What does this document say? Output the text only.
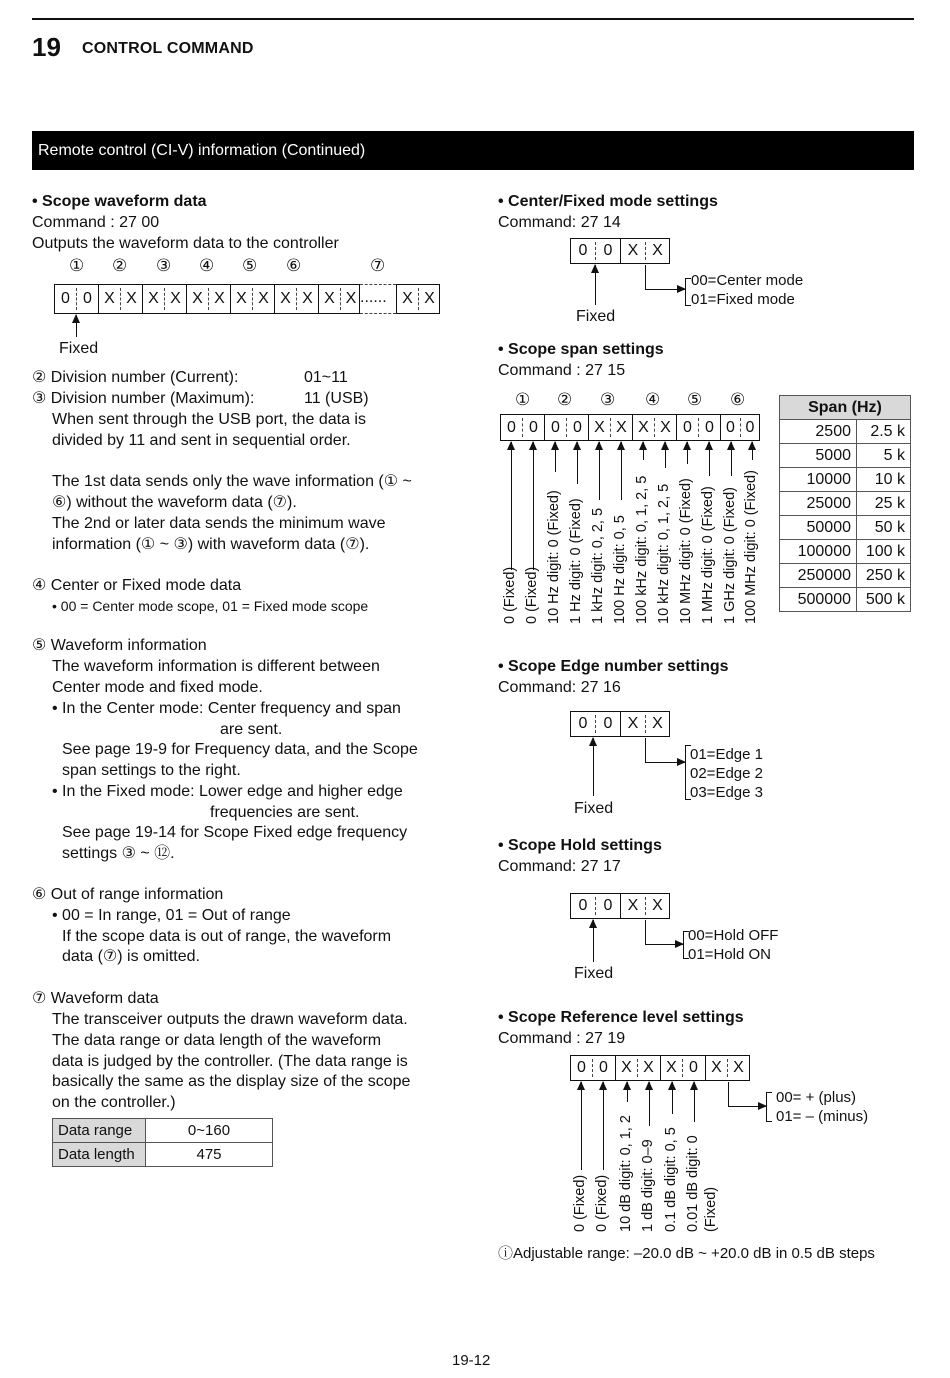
19 CONTROL COMMAND
Remote control (CI-V) information (Continued)
• Scope waveform data
Command : 27 00
Outputs the waveform data to the controller
① ② ③ ④ ⑤ ⑥	⑦
0 0 X X X X X X X X X X X X ...... X X
Fixed
② Division number (Current):	01~11
③ Division number (Maximum):	11 (USB)
When sent through the USB port, the data is
divided by 11 and sent in sequential order.
The 1st data sends only the wave information (① ~
⑥) without the waveform data (⑦).
The 2nd or later data sends the minimum wave
information (① ~ ③) with waveform data (⑦).
④ Center or Fixed mode data
• 00 = Center mode scope, 01 = Fixed mode scope
⑤ Waveform information
The waveform information is different between
Center mode and fixed mode.
• In the Center mode: Center frequency and span
are sent.
See page 19-9 for Frequency data, and the Scope
span settings to the right.
• In the Fixed mode: Lower edge and higher edge
frequencies are sent.
See page 19-14 for Scope Fixed edge frequency
settings ③ ~ ⑫.
⑥ Out of range information
• 00 = In range, 01 = Out of range
If the scope data is out of range, the waveform
data (⑦) is omitted.
⑦ Waveform data
The transceiver outputs the drawn waveform data.
The data range or data length of the waveform
data is judged by the controller. (The data range is
basically the same as the display size of the scope
on the controller.)
Data range	0~160
Data length	475
• Center/Fixed mode settings
Command: 27 14
0	0 X X
Fixed
00=Center mode
01=Fixed mode
• Scope span settings
Command : 27 15
① ② ③ ④ ⑤ ⑥
0 0 0 0 X X X X 0 0 0 0
0 (Fixed) 0 (Fixed) 10 Hz digit: 0 (Fixed) 1 Hz digit: 0 (Fixed) 1 kHz digit: 0, 2, 5 100 Hz digit: 0, 5 100 kHz digit: 0, 1, 2, 5 10 kHz digit: 0, 1, 2, 5 10 MHz digit: 0 (Fixed) 1 MHz digit: 0 (Fixed) 1 GHz digit: 0 (Fixed) 100 MHz digit: 0 (Fixed)
Span (Hz)	
2500	2.5 k
5000	5 k
10000	10 k
25000	25 k
50000	50 k
100000	100 k
250000	250 k
500000	500 k
• Scope Edge number settings
Command: 27 16
0	0 X X
Fixed
01=Edge 1
02=Edge 2
03=Edge 3
• Scope Hold settings
Command: 27 17
0	0 X X
Fixed
00=Hold OFF
01=Hold ON
• Scope Reference level settings
Command : 27 19
0 0 X X X 0 X X
0 (Fixed) 0 (Fixed) 10 dB digit: 0, 1, 2 1 dB digit: 0–9 0.1 dB digit: 0, 5 0.01 dB digit: 0 (Fixed)
00= + (plus)
01= – (minus)
ⓘAdjustable range: –20.0 dB ~ +20.0 dB in 0.5 dB steps
19-12
